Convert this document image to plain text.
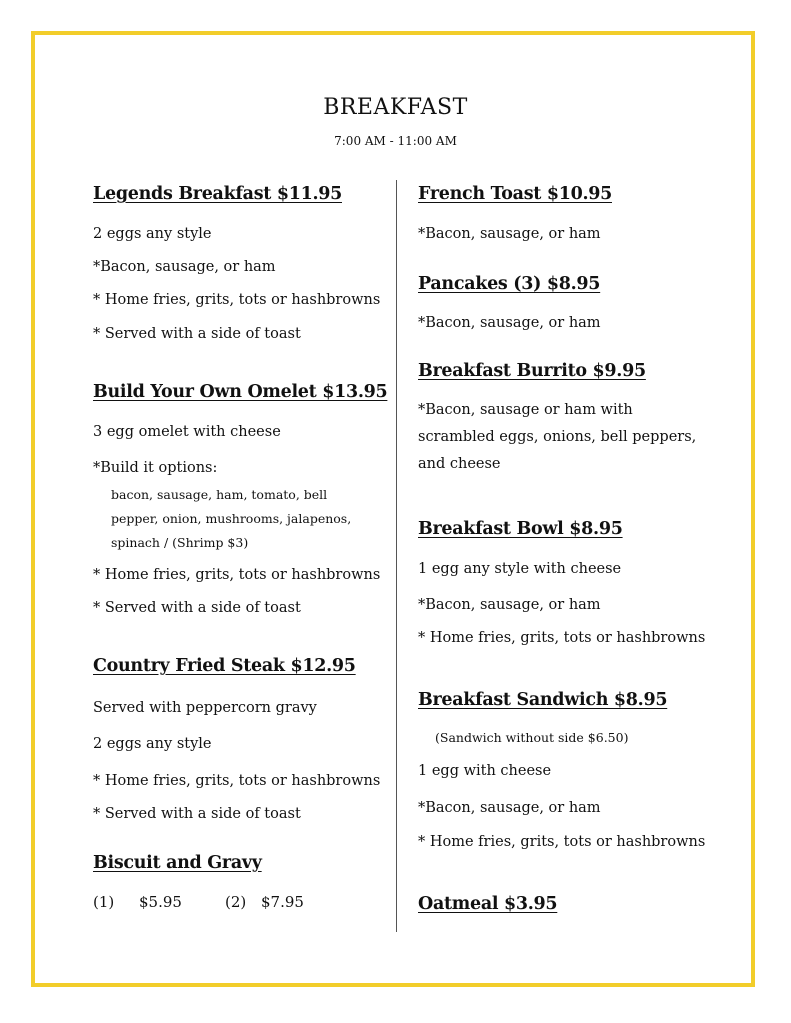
BREAKFAST
7:00 AM - 11:00 AM
Legends Breakfast $11.95
2 eggs any style
*Bacon, sausage, or ham
* Home fries, grits, tots or hashbrowns
* Served with a side of toast
Build Your Own Omelet $13.95
3 egg omelet with cheese
*Build it options:
bacon, sausage, ham, tomato, bell
pepper, onion, mushrooms, jalapenos,
spinach / (Shrimp $3)
* Home fries, grits, tots or hashbrowns
* Served with a side of toast
Country Fried Steak $12.95
Served with peppercorn gravy
2 eggs any style
* Home fries, grits, tots or hashbrowns
* Served with a side of toast
Biscuit and Gravy
(1) $5.95	(2) $7.95
French Toast $10.95
*Bacon, sausage, or ham
Pancakes (3) $8.95
*Bacon, sausage, or ham
Breakfast Burrito $9.95
*Bacon, sausage or ham with
scrambled eggs, onions, bell peppers,
and cheese
Breakfast Bowl $8.95
1 egg any style with cheese
*Bacon, sausage, or ham
* Home fries, grits, tots or hashbrowns
Breakfast Sandwich $8.95
(Sandwich without side $6.50)
1 egg with cheese
*Bacon, sausage, or ham
* Home fries, grits, tots or hashbrowns
Oatmeal $3.95
